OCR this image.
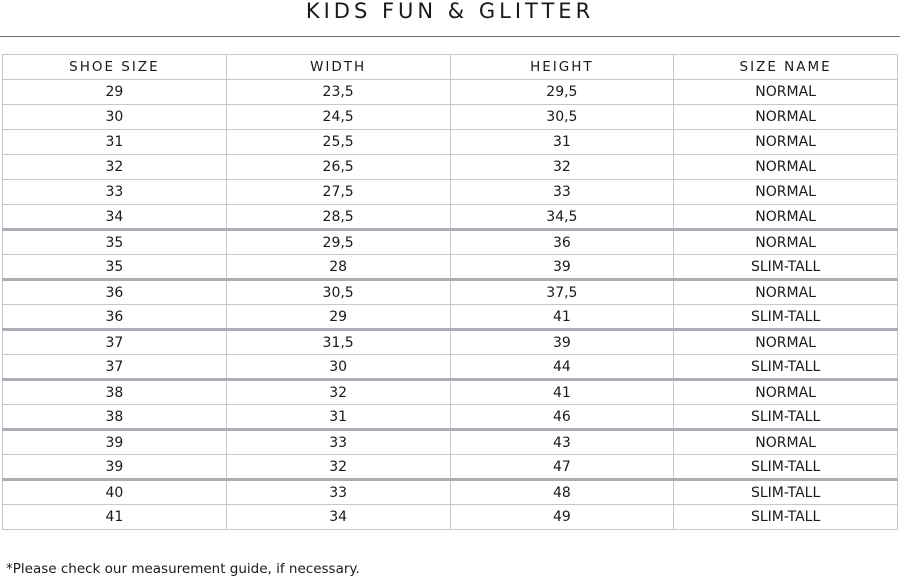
KIDS FUN & GLITTER
SHOE SIZE	WIDTH	HEIGHT	SIZE NAME
29	23,5	29,5	NORMAL
30	24,5	30,5	NORMAL
31	25,5	31	NORMAL
32	26,5	32	NORMAL
33	27,5	33	NORMAL
34	28,5	34,5	NORMAL
35	29,5	36	NORMAL
35	28	39	SLIM-TALL
36	30,5	37,5	NORMAL
36	29	41	SLIM-TALL
37	31,5	39	NORMAL
37	30	44	SLIM-TALL
38	32	41	NORMAL
38	31	46	SLIM-TALL
39	33	43	NORMAL
39	32	47	SLIM-TALL
40	33	48	SLIM-TALL
41	34	49	SLIM-TALL
*Please check our measurement guide, if necessary.
